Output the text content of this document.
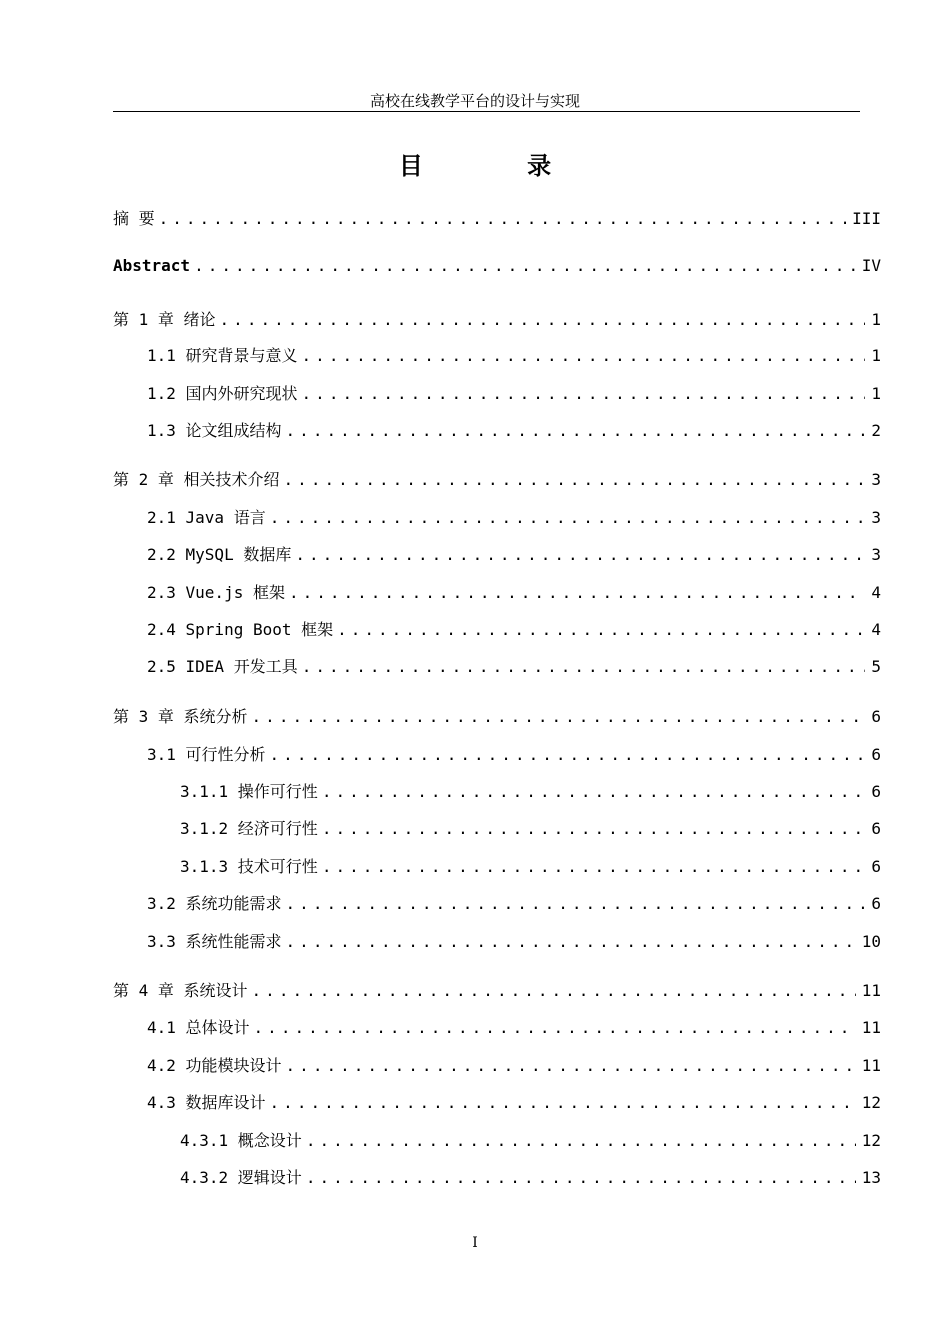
高校在线教学平台的设计与实现
目 录
摘 要 .....	III
Abstract .....	IV
第 1 章 绪论 .....	1
1.1 研究背景与意义 .....	1
1.2 国内外研究现状 .....	1
1.3 论文组成结构 .....	2
第 2 章 相关技术介绍 .....	3
2.1 Java 语言 .....	3
2.2 MySQL 数据库 .....	3
2.3 Vue.js 框架 .....	4
2.4 Spring Boot 框架 .....	4
2.5 IDEA 开发工具 .....	5
第 3 章 系统分析 .....	6
3.1 可行性分析 .....	6
3.1.1 操作可行性 .....	6
3.1.2 经济可行性 .....	6
3.1.3 技术可行性 .....	6
3.2 系统功能需求 .....	6
3.3 系统性能需求 .....	10
第 4 章 系统设计 .....	11
4.1 总体设计 .....	11
4.2 功能模块设计 .....	11
4.3 数据库设计 .....	12
4.3.1 概念设计 .....	12
4.3.2 逻辑设计 .....	13
I
